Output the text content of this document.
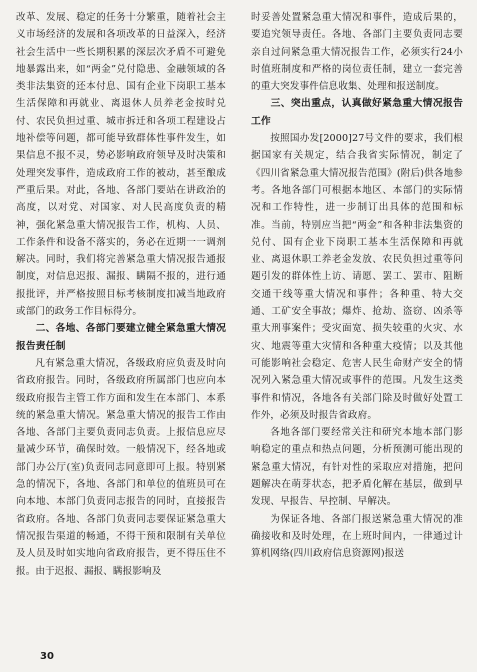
改革、发展、稳定的任务十分繁重，随着社会主义市场经济的发展和各项改革的日益深入，经济社会生活中一些长期积累的深层次矛盾不可避免地暴露出来，如“两金”兑付隐患、金融领域的各类非法集资的还本付息、国有企业下岗职工基本生活保障和再就业、离退休人员养老金按时兑付、农民负担过重、城市拆迁和各项工程建设占地补偿等问题，都可能导致群体性事件发生，如果信息不报不灵，势必影响政府领导及时决策和处理突发事件，造成政府工作的被动，甚至酿成严重后果。对此，各地、各部门要站在讲政治的高度，以对党、对国家、对人民高度负责的精神，强化紧急重大情况报告工作，机构、人员、工作条件和设备不落实的，务必在近期一一调剂解决。同时，我们将完善紧急重大情况报告通报制度，对信息迟报、漏报、瞒隔不报的，进行通报批评，并严格按照目标考核制度扣减当地政府或部门的政务工作目标得分。

二、各地、各部门要建立健全紧急重大情况报告责任制

凡有紧急重大情况，各级政府应负责及时向省政府报告。同时，各级政府所属部门也应向本级政府报告主管工作方面和发生在本部门、本系统的紧急重大情况。紧急重大情况的报告工作由各地、各部门主要负责同志负责。上报信息应尽量减少环节，确保时效。一般情况下，经各地或部门办公厅(室)负责同志同意即可上报。特别紧急的情况下，各地、各部门和单位的值班员可在向本地、本部门负责同志报告的同时，直接报告省政府。各地、各部门负责同志要保证紧急重大情况报告渠道的畅通，不得干预和限制有关单位及人员及时如实地向省政府报告，更不得压住不报。由于迟报、漏报、瞒报影响及

时妥善处置紧急重大情况和事件，造成后果的，要追究领导责任。各地、各部门主要负责同志要亲自过问紧急重大情况报告工作，必须实行24小时值班制度和严格的岗位责任制，建立一套完善的重大突发事件信息收集、处理和报送制度。

三、突出重点，认真做好紧急重大情况报告工作

按照国办发[2000]27号文件的要求，我们根据国家有关规定，结合我省实际情况，制定了《四川省紧急重大情况报告范围》(附后)供各地参考。各地各部门可根据本地区、本部门的实际情况和工作特性，进一步制订出具体的范围和标准。当前，特别应当把“两金”和各种非法集资的兑付、国有企业下岗职工基本生活保障和再就业、离退休职工养老金发放、农民负担过重等问题引发的群体性上访、请愿、罢工、罢市、阻断交通干线等重大情况和事件；各种重、特大交通、工矿安全事故；爆炸、抢劫、盗窃、凶杀等重大刑事案件；受灾面宽、损失较重的火灾、水灾、地震等重大灾情和各种重大疫情；以及其他可能影响社会稳定、危害人民生命财产安全的情况列入紧急重大情况或事件的范围。凡发生这类事件和情况，各地各有关部门除及时做好处置工作外，必须及时报告省政府。

各地各部门要经常关注和研究本地本部门影响稳定的重点和热点问题，分析预测可能出现的紧急重大情况，有针对性的采取应对措施，把问题解决在萌芽状态，把矛盾化解在基层，做到早发现、早报告、早控制、早解决。

为保证各地、各部门报送紧急重大情况的准确接收和及时处理，在上班时间内，一律通过计算机网络(四川政府信息资源网)报送

30
